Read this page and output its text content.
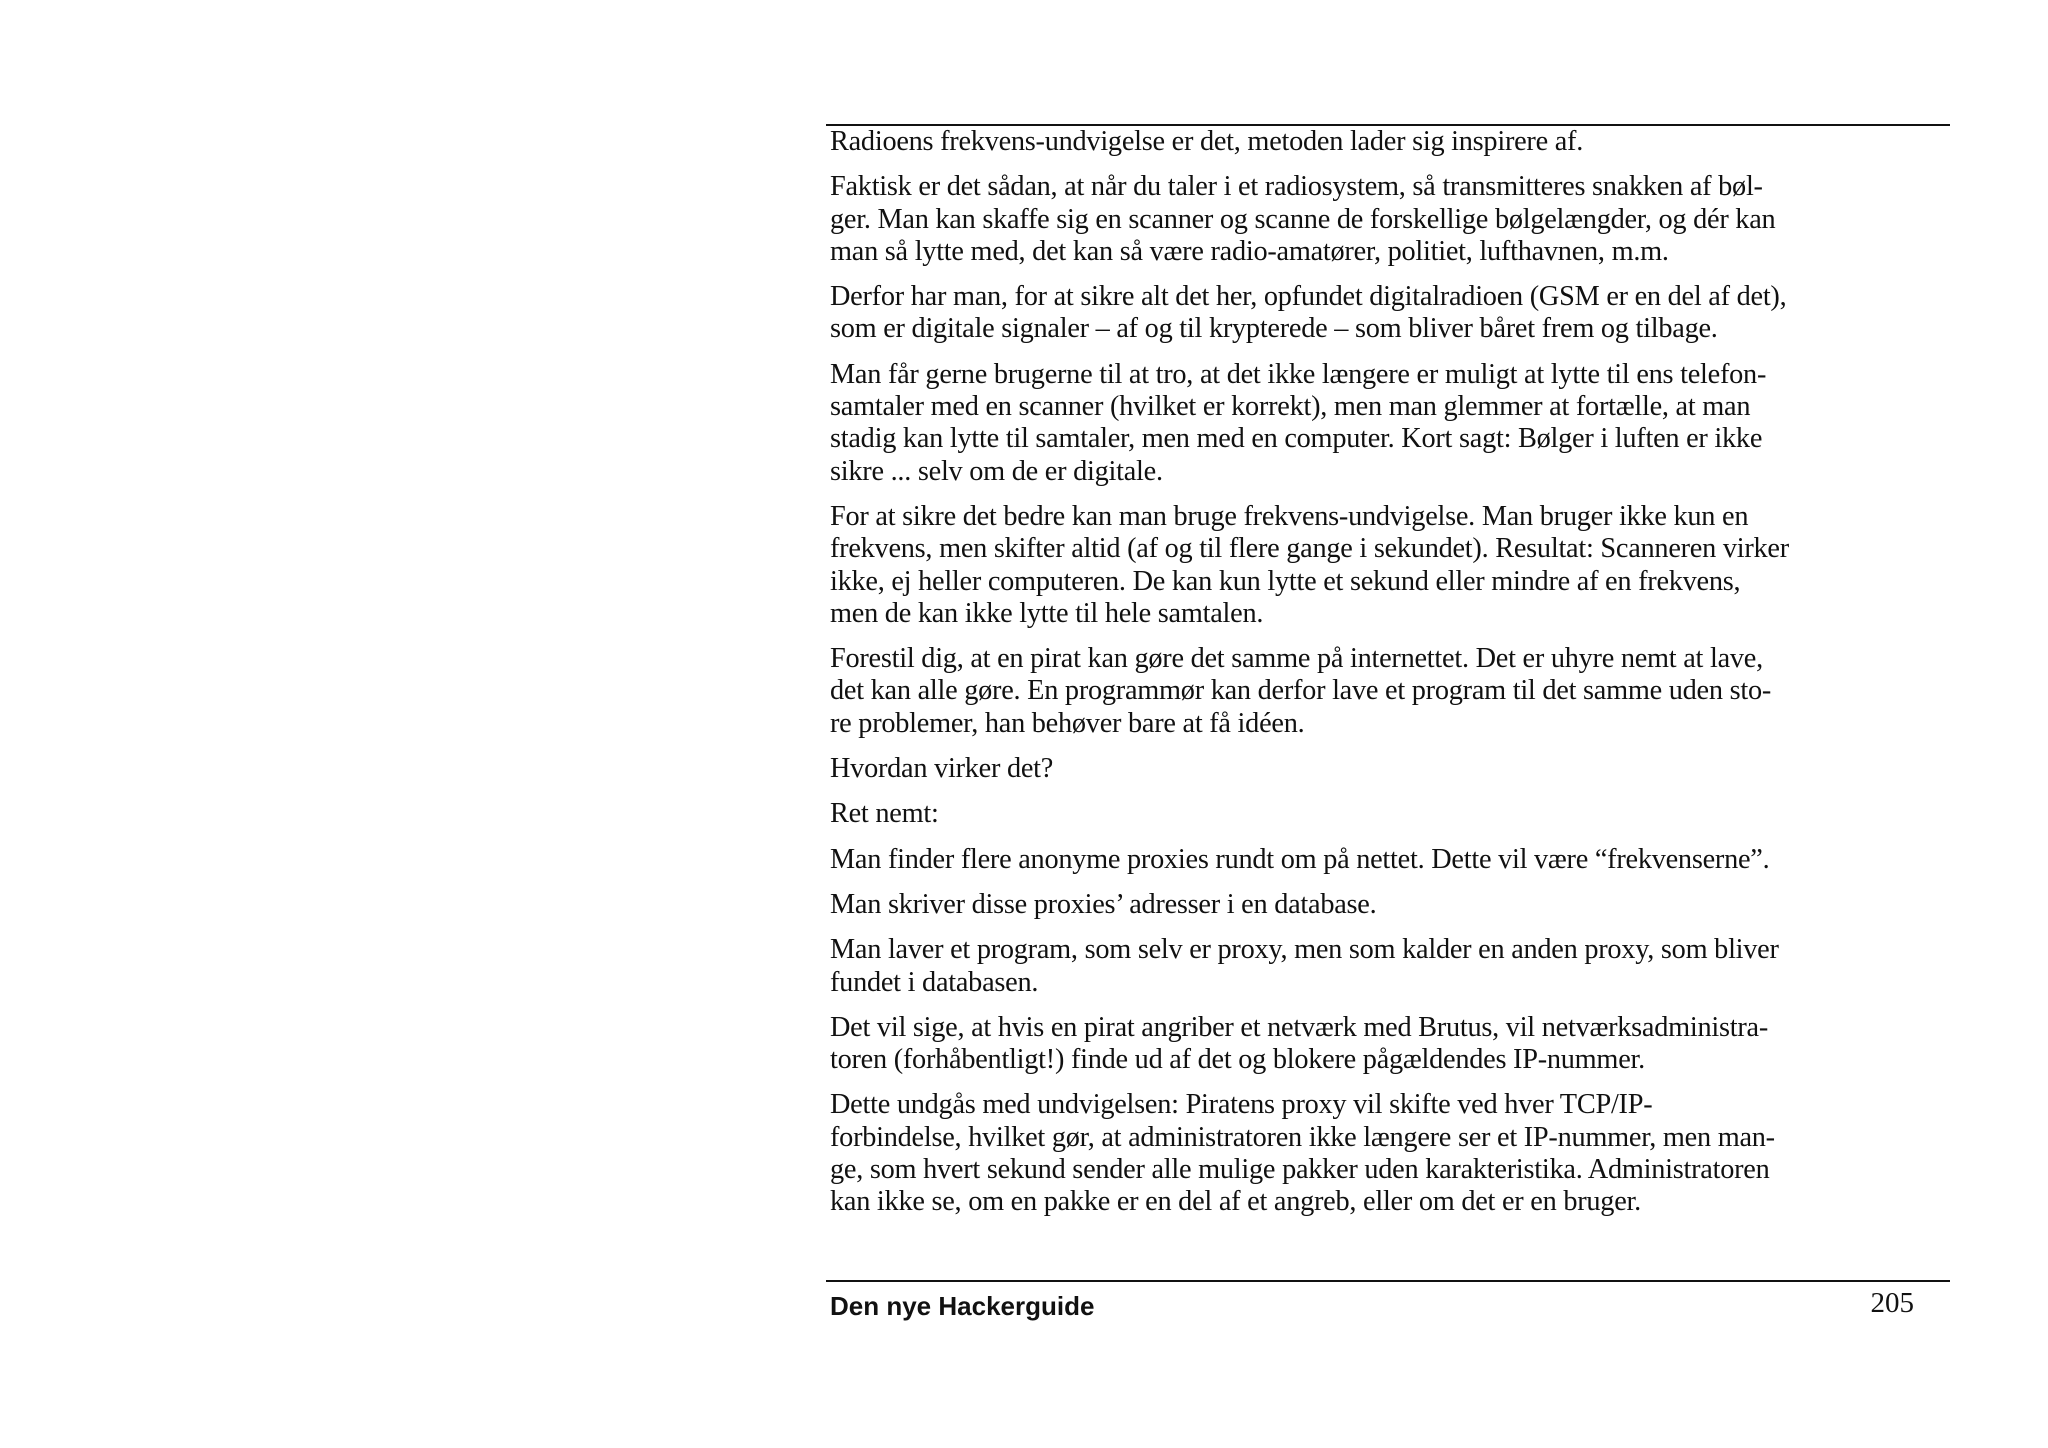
Radioens frekvens-undvigelse er det, metoden lader sig inspirere af.

Faktisk er det sådan, at når du taler i et radiosystem, så transmitteres snakken af bøl-
ger. Man kan skaffe sig en scanner og scanne de forskellige bølgelængder, og dér kan
man så lytte med, det kan så være radio-amatører, politiet, lufthavnen, m.m.

Derfor har man, for at sikre alt det her, opfundet digitalradioen (GSM er en del af det),
som er digitale signaler – af og til krypterede – som bliver båret frem og tilbage.

Man får gerne brugerne til at tro, at det ikke længere er muligt at lytte til ens telefon-
samtaler med en scanner (hvilket er korrekt), men man glemmer at fortælle, at man
stadig kan lytte til samtaler, men med en computer. Kort sagt: Bølger i luften er ikke
sikre ... selv om de er digitale.

For at sikre det bedre kan man bruge frekvens-undvigelse. Man bruger ikke kun en
frekvens, men skifter altid (af og til flere gange i sekundet). Resultat: Scanneren virker
ikke, ej heller computeren. De kan kun lytte et sekund eller mindre af en frekvens,
men de kan ikke lytte til hele samtalen.

Forestil dig, at en pirat kan gøre det samme på internettet. Det er uhyre nemt at lave,
det kan alle gøre. En programmør kan derfor lave et program til det samme uden sto-
re problemer, han behøver bare at få idéen.

Hvordan virker det?

Ret nemt:

Man finder flere anonyme proxies rundt om på nettet. Dette vil være “frekvenserne”.

Man skriver disse proxies’ adresser i en database.

Man laver et program, som selv er proxy, men som kalder en anden proxy, som bliver
fundet i databasen.

Det vil sige, at hvis en pirat angriber et netværk med Brutus, vil netværksadministra-
toren (forhåbentligt!) finde ud af det og blokere pågældendes IP-nummer.

Dette undgås med undvigelsen: Piratens proxy vil skifte ved hver TCP/IP-
forbindelse, hvilket gør, at administratoren ikke længere ser et IP-nummer, men man-
ge, som hvert sekund sender alle mulige pakker uden karakteristika. Administratoren
kan ikke se, om en pakke er en del af et angreb, eller om det er en bruger.

Den nye Hackerguide	205
